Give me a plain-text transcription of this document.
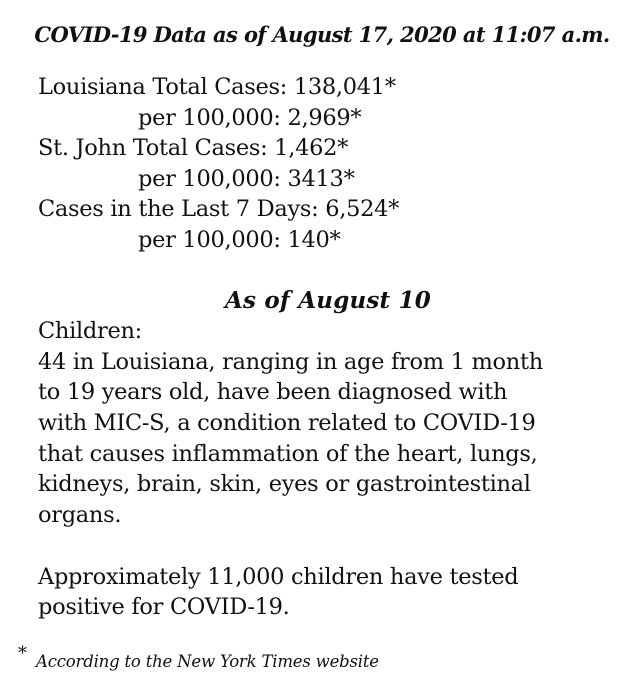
COVID-19 Data as of August 17, 2020 at 11:07 a.m.
Louisiana Total Cases: 138,041*
per 100,000: 2,969*
St. John Total Cases: 1,462*
per 100,000: 3413*
Cases in the Last 7 Days: 6,524*
per 100,000: 140*
As of August 10
Children:
44 in Louisiana, ranging in age from 1 month
to 19 years old, have been diagnosed with
with MIC-S, a condition related to COVID-19
that causes inflammation of the heart, lungs,
kidneys, brain, skin, eyes or gastrointestinal
organs.
Approximately 11,000 children have tested
positive for COVID-19.
* According to the New York Times website
